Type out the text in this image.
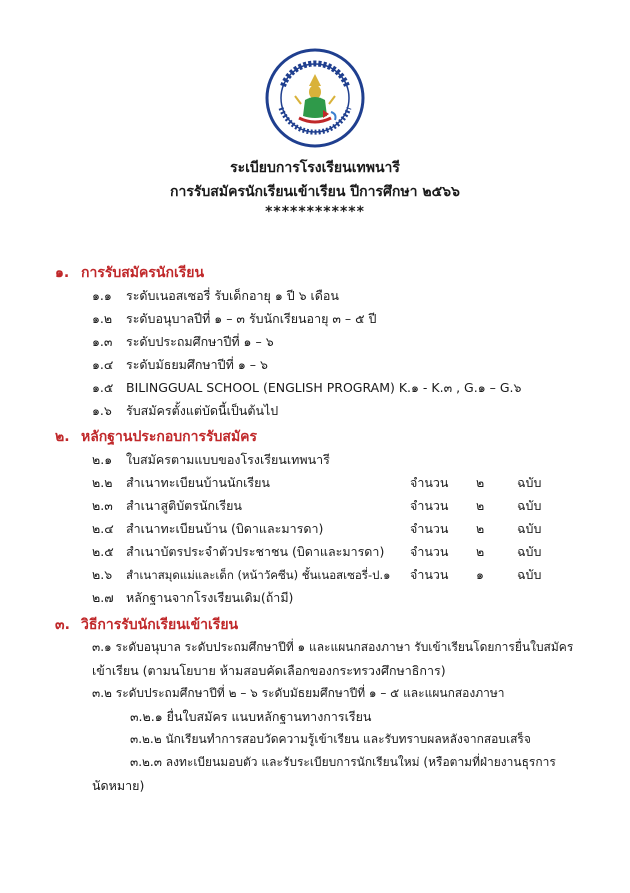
ระเบียบการโรงเรียนเทพนารี
การรับสมัครนักเรียนเข้าเรียน ปีการศึกษา ๒๕๖๖
************
๑. การรับสมัครนักเรียน
๑.๑ ระดับเนอสเซอรี่ รับเด็กอายุ ๑ ปี ๖ เดือน
๑.๒ ระดับอนุบาลปีที่ ๑ – ๓ รับนักเรียนอายุ ๓ – ๕ ปี
๑.๓ ระดับประถมศึกษาปีที่ ๑ – ๖
๑.๔ ระดับมัธยมศึกษาปีที่ ๑ – ๖
๑.๕ BILINGGUAL SCHOOL (ENGLISH PROGRAM) K.๑ - K.๓ , G.๑ – G.๖
๑.๖ รับสมัครตั้งแต่บัดนี้เป็นต้นไป
๒. หลักฐานประกอบการรับสมัคร
๒.๑ ใบสมัครตามแบบของโรงเรียนเทพนารี
๒.๒ สำเนาทะเบียนบ้านนักเรียน	จำนวน ๒	ฉบับ
๒.๓ สำเนาสูติบัตรนักเรียน	จำนวน ๒	ฉบับ
๒.๔ สำเนาทะเบียนบ้าน (บิดาและมารดา)	จำนวน ๒	ฉบับ
๒.๕ สำเนาบัตรประจำตัวประชาชน (บิดาและมารดา) จำนวน ๒	ฉบับ
๒.๖ สำเนาสมุดแม่และเด็ก (หน้าวัคซีน) ชั้นเนอสเซอรี่-ป.๑ จำนวน ๑	ฉบับ
๒.๗ หลักฐานจากโรงเรียนเดิม(ถ้ามี)
๓. วิธีการรับนักเรียนเข้าเรียน
๓.๑ ระดับอนุบาล ระดับประถมศึกษาปีที่ ๑ และแผนกสองภาษา รับเข้าเรียนโดยการยื่นใบสมัคร
เข้าเรียน (ตามนโยบาย ห้ามสอบคัดเลือกของกระทรวงศึกษาธิการ)
๓.๒ ระดับประถมศึกษาปีที่ ๒ – ๖ ระดับมัธยมศึกษาปีที่ ๑ – ๕ และแผนกสองภาษา
๓.๒.๑ ยื่นใบสมัคร แนบหลักฐานทางการเรียน
๓.๒.๒ นักเรียนทำการสอบวัดความรู้เข้าเรียน และรับทราบผลหลังจากสอบเสร็จ
๓.๒.๓ ลงทะเบียนมอบตัว และรับระเบียบการนักเรียนใหม่ (หรือตามที่ฝ่ายงานธุรการ
นัดหมาย)
